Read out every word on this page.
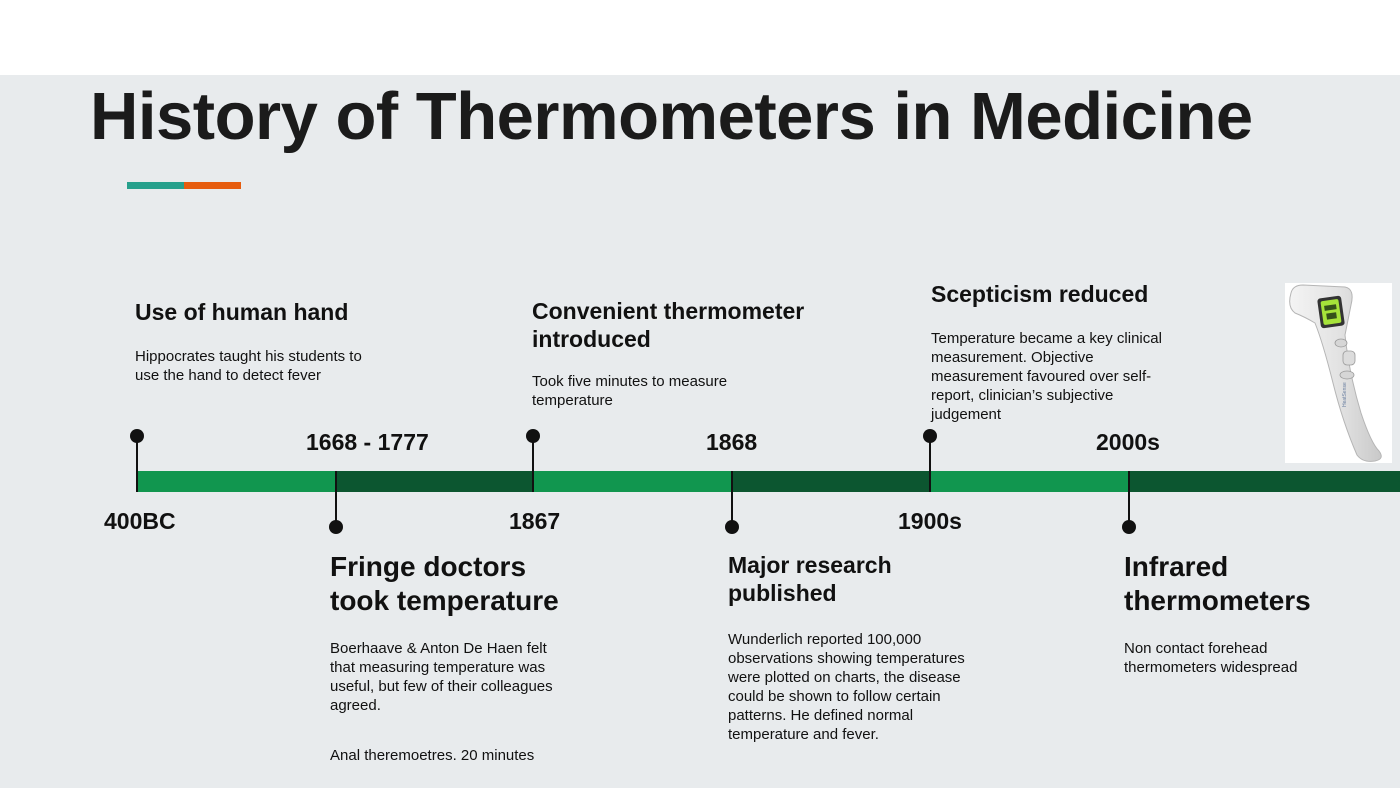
History of Thermometers in Medicine
400BC
1668 - 1777
1867
1868
1900s
2000s
Use of human hand
Hippocrates taught his students to use the hand to detect fever
Fringe doctors took temperature
Boerhaave & Anton De Haen felt that measuring temperature was useful, but few of their colleagues agreed.
Anal theremoetres. 20 minutes
Convenient thermometer introduced
Took five minutes to measure temperature
Major research published
Wunderlich reported 100,000 observations showing temperatures were plotted on charts, the disease could be shown to follow certain patterns. He defined normal temperature and fever.
Scepticism reduced
Temperature became a key clinical measurement. Objective measurement favoured over self-report, clinician’s subjective judgement
Infrared thermometers
Non contact forehead thermometers widespread
HeatSense
